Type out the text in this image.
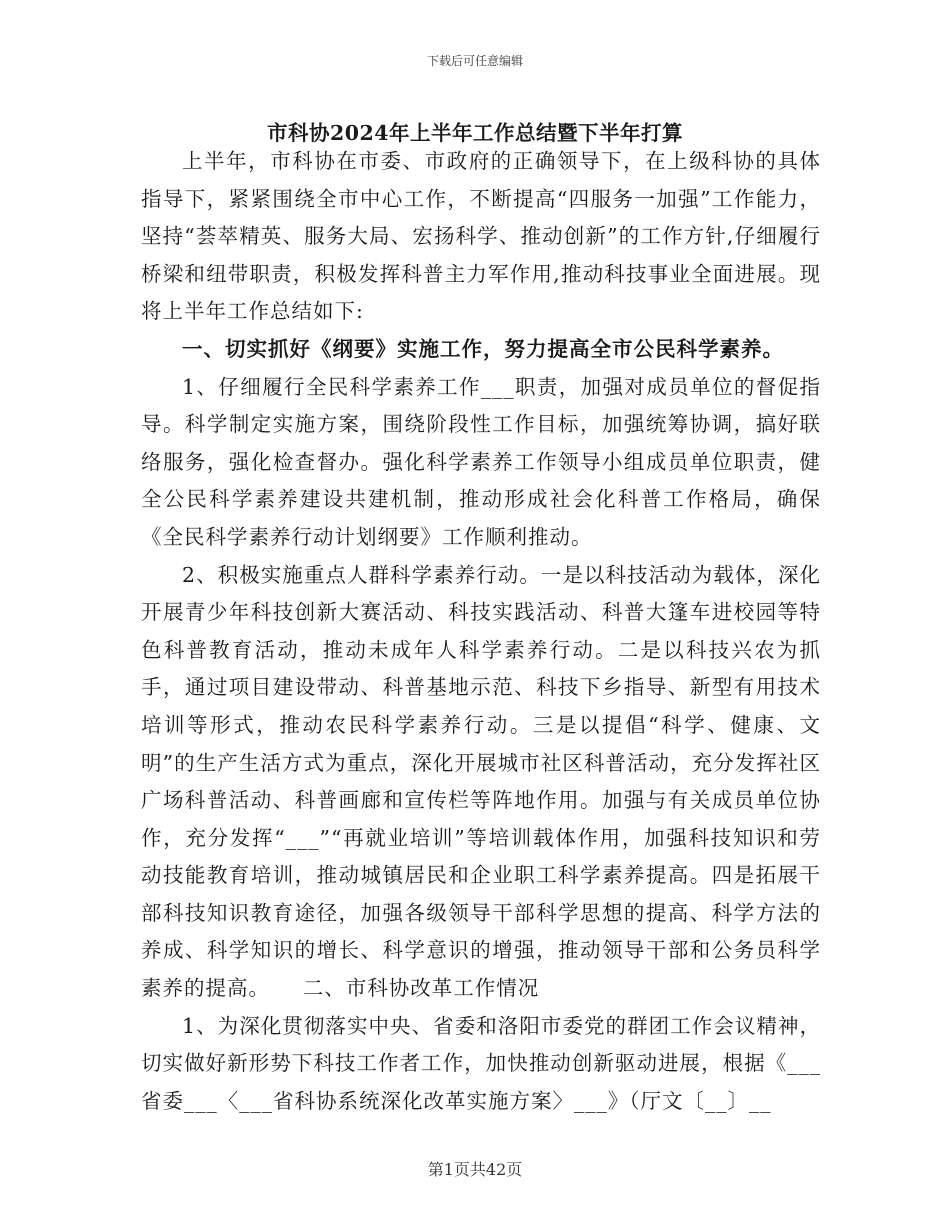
下载后可任意编辑
市科协2024年上半年工作总结暨下半年打算

上半年，市科协在市委、市政府的正确领导下，在上级科协的具体指导下，紧紧围绕全市中心工作，不断提高“四服务一加强”工作能力，坚持“荟萃精英、服务大局、宏扬科学、推动创新”的工作方针,仔细履行桥梁和纽带职责，积极发挥科普主力军作用,推动科技事业全面进展。现将上半年工作总结如下:

一、切实抓好《纲要》实施工作，努力提高全市公民科学素养。

1、仔细履行全民科学素养工作___职责，加强对成员单位的督促指导。科学制定实施方案，围绕阶段性工作目标，加强统筹协调，搞好联络服务，强化检查督办。强化科学素养工作领导小组成员单位职责，健全公民科学素养建设共建机制，推动形成社会化科普工作格局，确保《全民科学素养行动计划纲要》工作顺利推动。

2、积极实施重点人群科学素养行动。一是以科技活动为载体，深化开展青少年科技创新大赛活动、科技实践活动、科普大篷车进校园等特色科普教育活动，推动未成年人科学素养行动。二是以科技兴农为抓手，通过项目建设带动、科普基地示范、科技下乡指导、新型有用技术培训等形式，推动农民科学素养行动。三是以提倡“科学、健康、文明”的生产生活方式为重点，深化开展城市社区科普活动，充分发挥社区广场科普活动、科普画廊和宣传栏等阵地作用。加强与有关成员单位协作，充分发挥“___”“再就业培训”等培训载体作用，加强科技知识和劳动技能教育培训，推动城镇居民和企业职工科学素养提高。四是拓展干部科技知识教育途径，加强各级领导干部科学思想的提高、科学方法的养成、科学知识的增长、科学意识的增强，推动领导干部和公务员科学素养的提高。　　二、市科协改革工作情况

1、为深化贯彻落实中央、省委和洛阳市委党的群团工作会议精神，切实做好新形势下科技工作者工作，加快推动创新驱动进展，根据《___省委___〈___省科协系统深化改革实施方案〉___》（厅文〔__〕__

第1页共42页
